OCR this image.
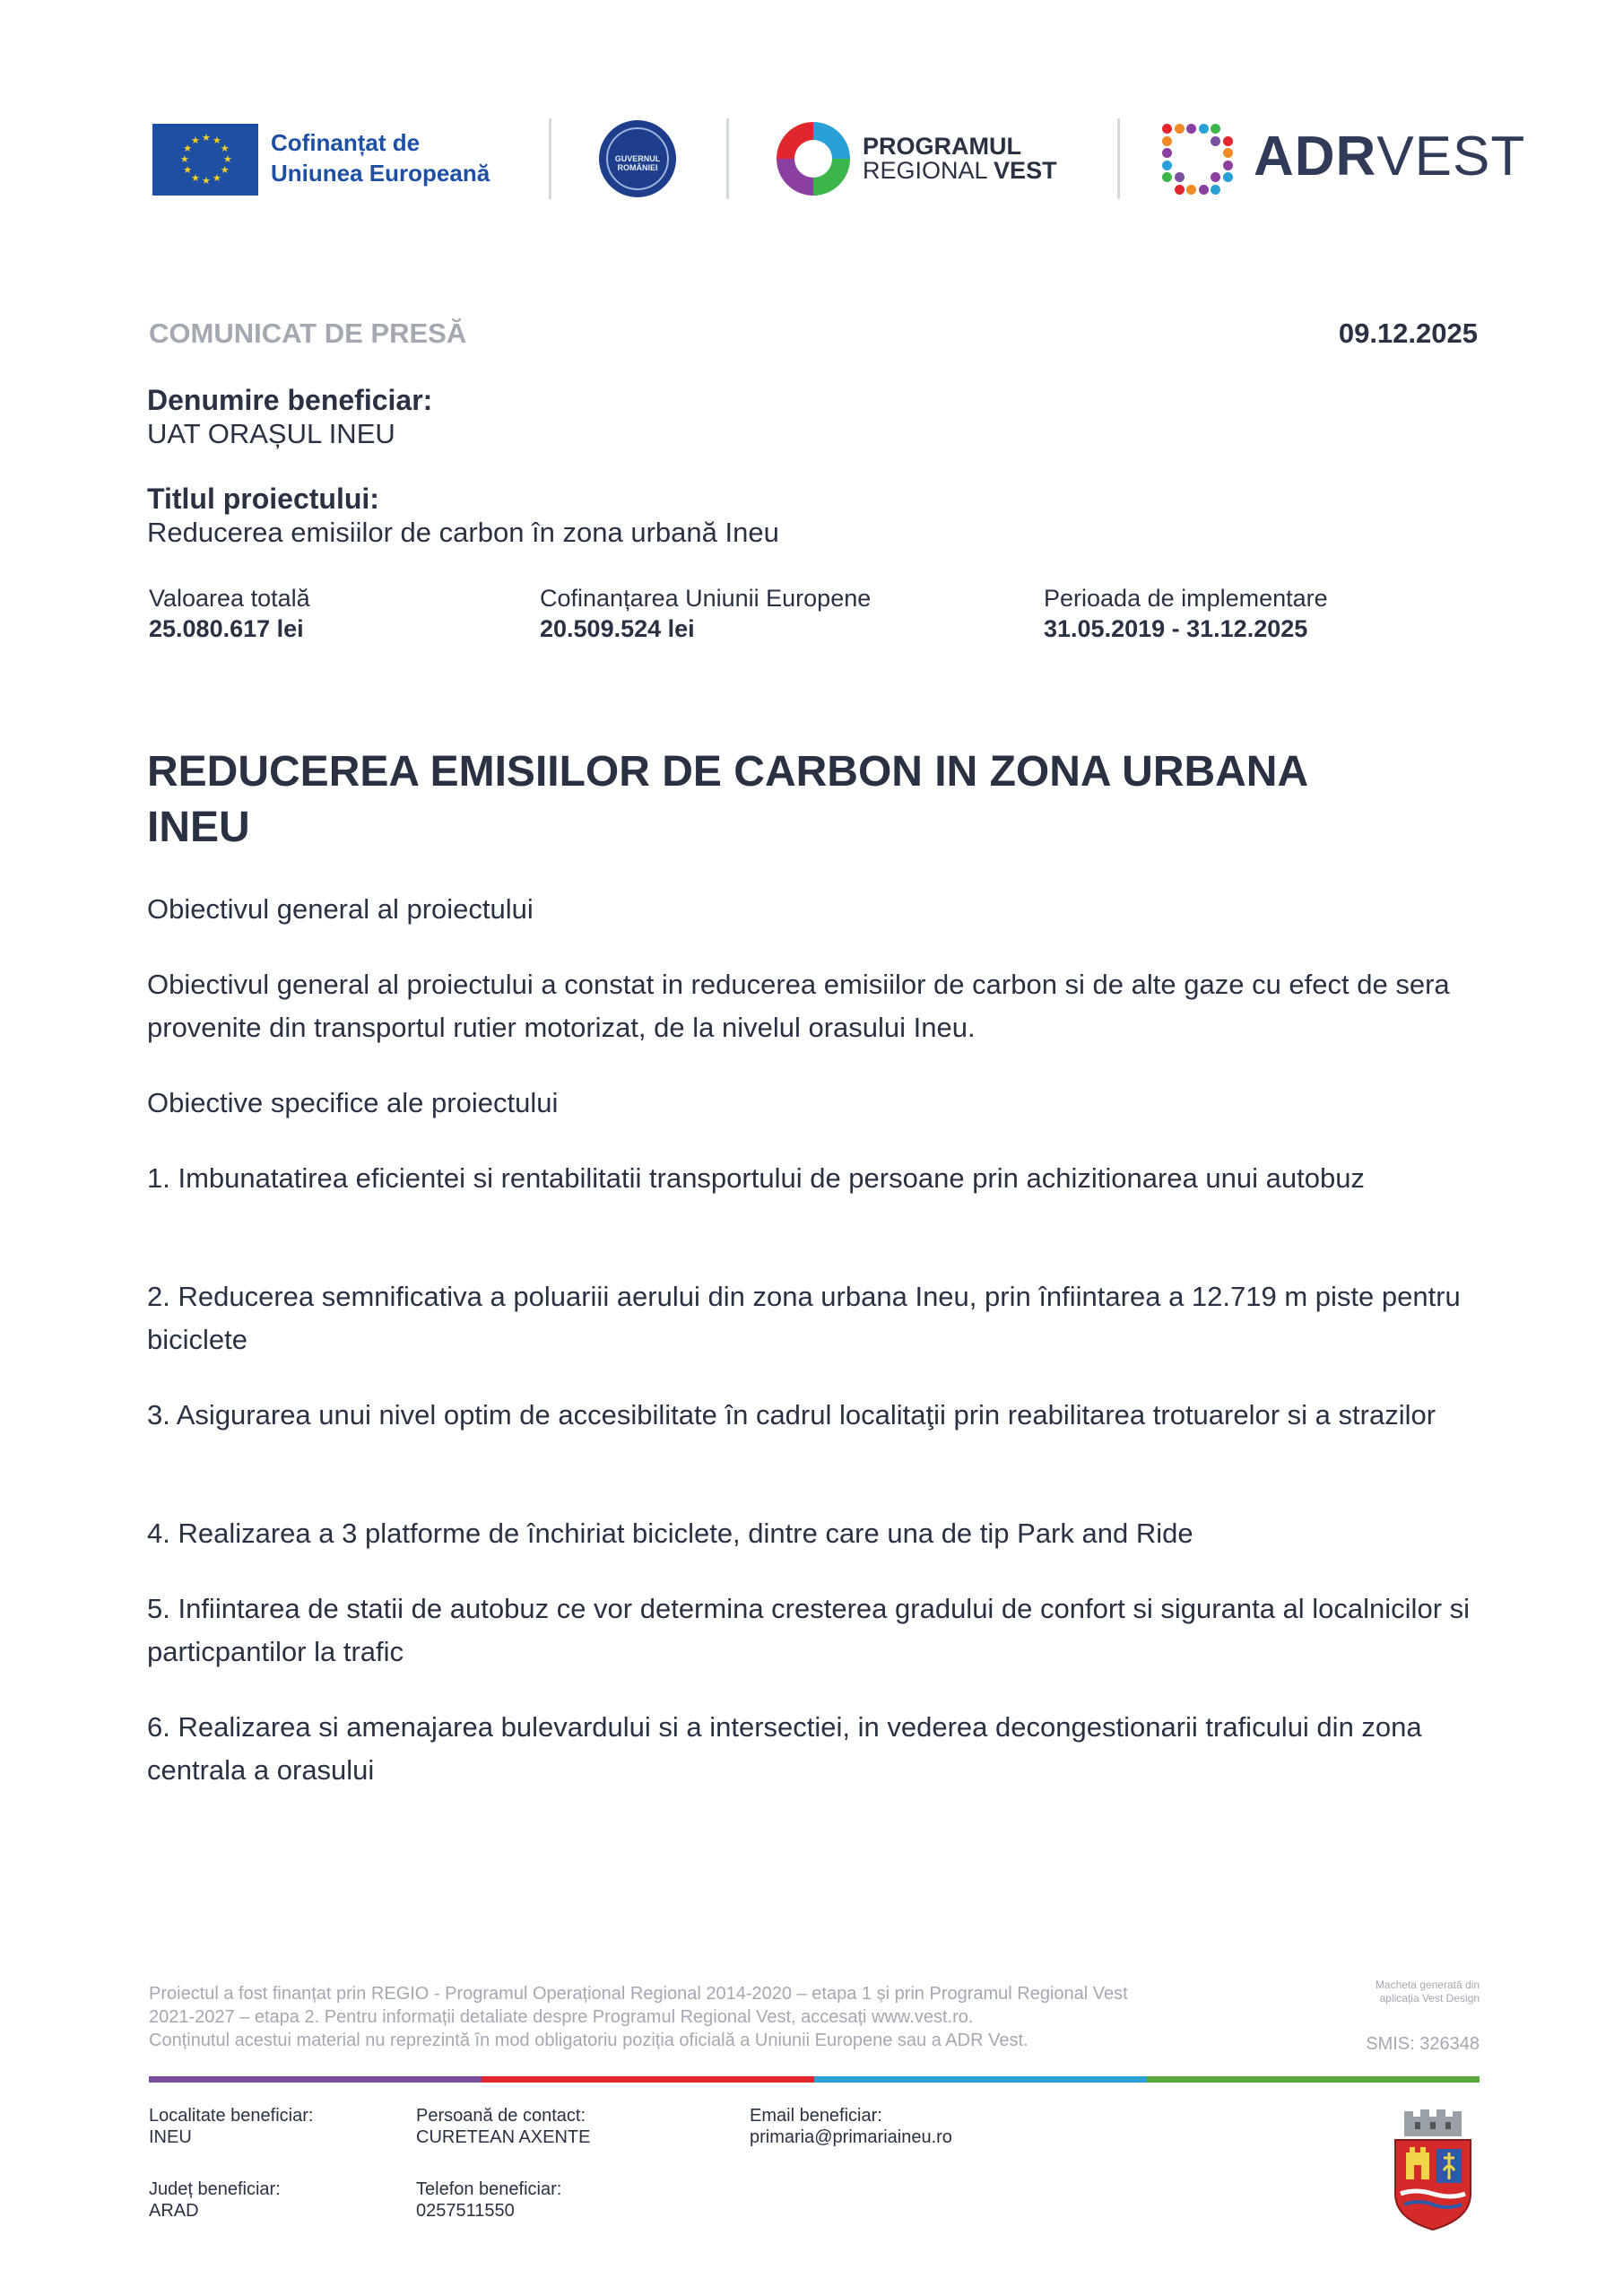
★ ★
★
★
★
★
★
★
★
★
★
★	Cofinanțat de
Uniunea Europeană
GUVERNUL ROMÂNIEI
PROGRAMUL
REGIONAL VEST	ADRVEST
COMUNICAT DE PRESĂ	09.12.2025
Denumire beneficiar:
UAT ORAȘUL INEU
Titlul proiectului:
Reducerea emisiilor de carbon în zona urbană Ineu
Valoarea totală
25.080.617 lei
Cofinanțarea Uniunii Europene
20.509.524 lei
Perioada de implementare
31.05.2019 - 31.12.2025
REDUCEREA EMISIILOR DE CARBON IN ZONA URBANA
INEU
Obiectivul general al proiectului
Obiectivul general al proiectului a constat in reducerea emisiilor de carbon si de alte gaze cu efect de sera provenite din transportul rutier motorizat, de la nivelul orasului Ineu.
Obiective specifice ale proiectului
1. Imbunatatirea eficientei si rentabilitatii transportului de persoane prin achizitionarea unui autobuz
2. Reducerea semnificativa a poluariii aerului din zona urbana Ineu, prin înfiintarea a 12.719 m piste pentru biciclete
3. Asigurarea unui nivel optim de accesibilitate în cadrul localitaţii prin reabilitarea trotuarelor si a strazilor
4. Realizarea a 3 platforme de închiriat biciclete, dintre care una de tip Park and Ride
5. Infiintarea de statii de autobuz ce vor determina cresterea gradului de confort si siguranta al localnicilor si particpantilor la trafic
6. Realizarea si amenajarea bulevardului si a intersectiei, in vederea decongestionarii traficului din zona centrala a orasului
Proiectul a fost finanțat prin REGIO - Programul Operațional Regional 2014-2020 – etapa 1 și prin Programul Regional Vest
2021-2027 – etapa 2. Pentru informații detaliate despre Programul Regional Vest, accesați www.vest.ro.
Conținutul acestui material nu reprezintă în mod obligatoriu poziția oficială a Uniunii Europene sau a ADR Vest.
Macheta generată din
aplicația Vest Design
SMIS: 326348
Localitate beneficiar:
INEU
Județ beneficiar:
ARAD
Persoană de contact:
CURETEAN AXENTE
Telefon beneficiar:
0257511550
Email beneficiar:
primaria@primariaineu.ro
